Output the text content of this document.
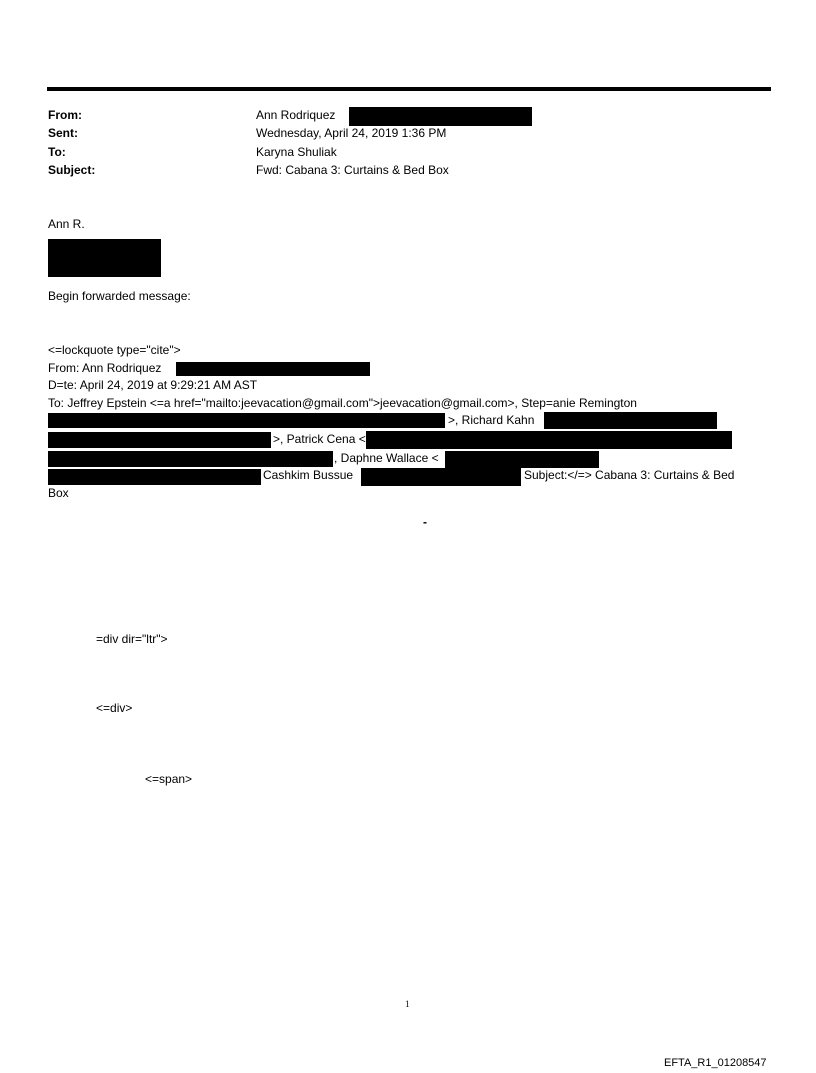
From:	Ann Rodriquez
Sent:	Wednesday, April 24, 2019 1:36 PM
To:	Karyna Shuliak
Subject:	Fwd: Cabana 3: Curtains & Bed Box
Ann R.
Begin forwarded message:
<=lockquote type="cite">
From: Ann Rodriquez
D=te: April 24, 2019 at 9:29:21 AM AST
To: Jeffrey Epstein <=a href="mailto:jeevacation@gmail.com">jeevacation@gmail.com>, Step=anie Remington
>, Richard Kahn
>, Patrick Cena <
, Daphne Wallace <
Cashkim Bussue	Subject:</=> Cabana 3: Curtains & Bed
Box
-
=div dir="ltr">
<=div>
<=span>
1
EFTA_R1_01208547
